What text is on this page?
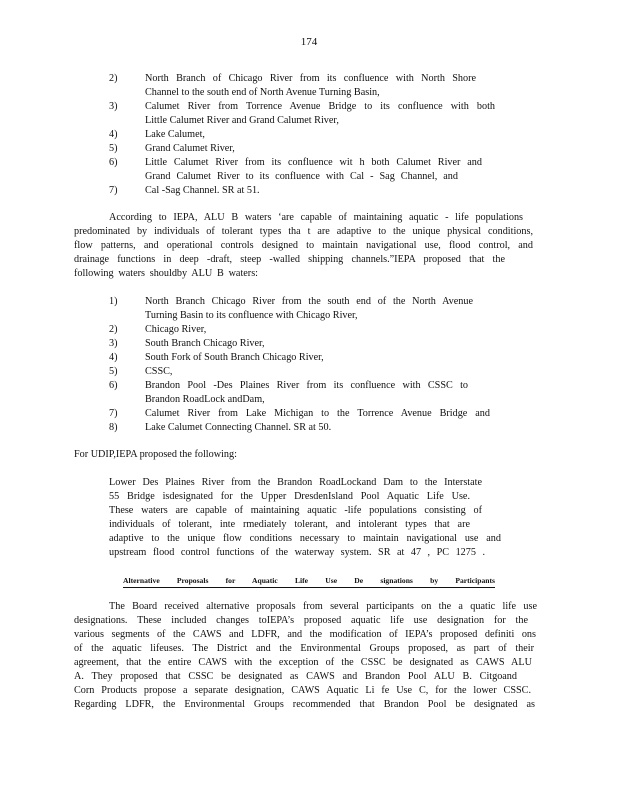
174
2)	North Branch of Chicago River from its confluence with North Shore
Channel to the south end of North Avenue Turning Basin,
3)	Calumet River from Torrence Avenue Bridge to its confluence with both
Little Calumet River and Grand Calumet River,
4)	Lake Calumet,
5)	Grand Calumet River,
6)	Little Calumet River from its confluence wit h both Calumet River and
Grand Calumet River to its confluence with Cal - Sag Channel, and
7)	Cal -Sag Channel. SR at 51.
According to IEPA, ALU B waters ‘are capable of maintaining aquatic - life populations
predominated by individuals of tolerant types tha t are adaptive to the unique physical conditions,
flow patterns, and operational controls designed to maintain navigational use, flood control, and
drainage functions in deep -draft, steep -walled shipping channels.”IEPA proposed that the
following waters shouldby ALU B waters:
1)	North Branch Chicago River from the south end of the North Avenue
Turning Basin to its confluence with Chicago River,
2)	Chicago River,
3)	South Branch Chicago River,
4)	South Fork of South Branch Chicago River,
5)	CSSC,
6)	Brandon Pool -Des Plaines River from its confluence with CSSC to
Brandon RoadLock andDam,
7)	Calumet River from Lake Michigan to the Torrence Avenue Bridge and
8)	Lake Calumet Connecting Channel. SR at 50.
For UDIP,IEPA proposed the following:
Lower Des Plaines River from the Brandon RoadLockand Dam to the Interstate
55 Bridge isdesignated for the Upper DresdenIsland Pool Aquatic Life Use.
These waters are capable of maintaining aquatic -life populations consisting of
individuals of tolerant, inte rmediately tolerant, and intolerant types that are
adaptive to the unique flow conditions necessary to maintain navigational use and
upstream flood control functions of the waterway system. SR at 47 , PC 1275 .
Alternative Proposals for Aquatic Life Use De signations by Participants
The Board received alternative proposals from several participants on the a quatic life use
designations. These included changes toIEPA’s proposed aquatic life use designation for the
various segments of the CAWS and LDFR, and the modification of IEPA’s proposed definiti ons
of the aquatic lifeuses. The District and the Environmental Groups proposed, as part of their
agreement, that the entire CAWS with the exception of the CSSC be designated as CAWS ALU
A. They proposed that CSSC be designated as CAWS and Brandon Pool ALU B. Citgoand
Corn Products propose a separate designation, CAWS Aquatic Li fe Use C, for the lower CSSC.
Regarding LDFR, the Environmental Groups recommended that Brandon Pool be designated as
